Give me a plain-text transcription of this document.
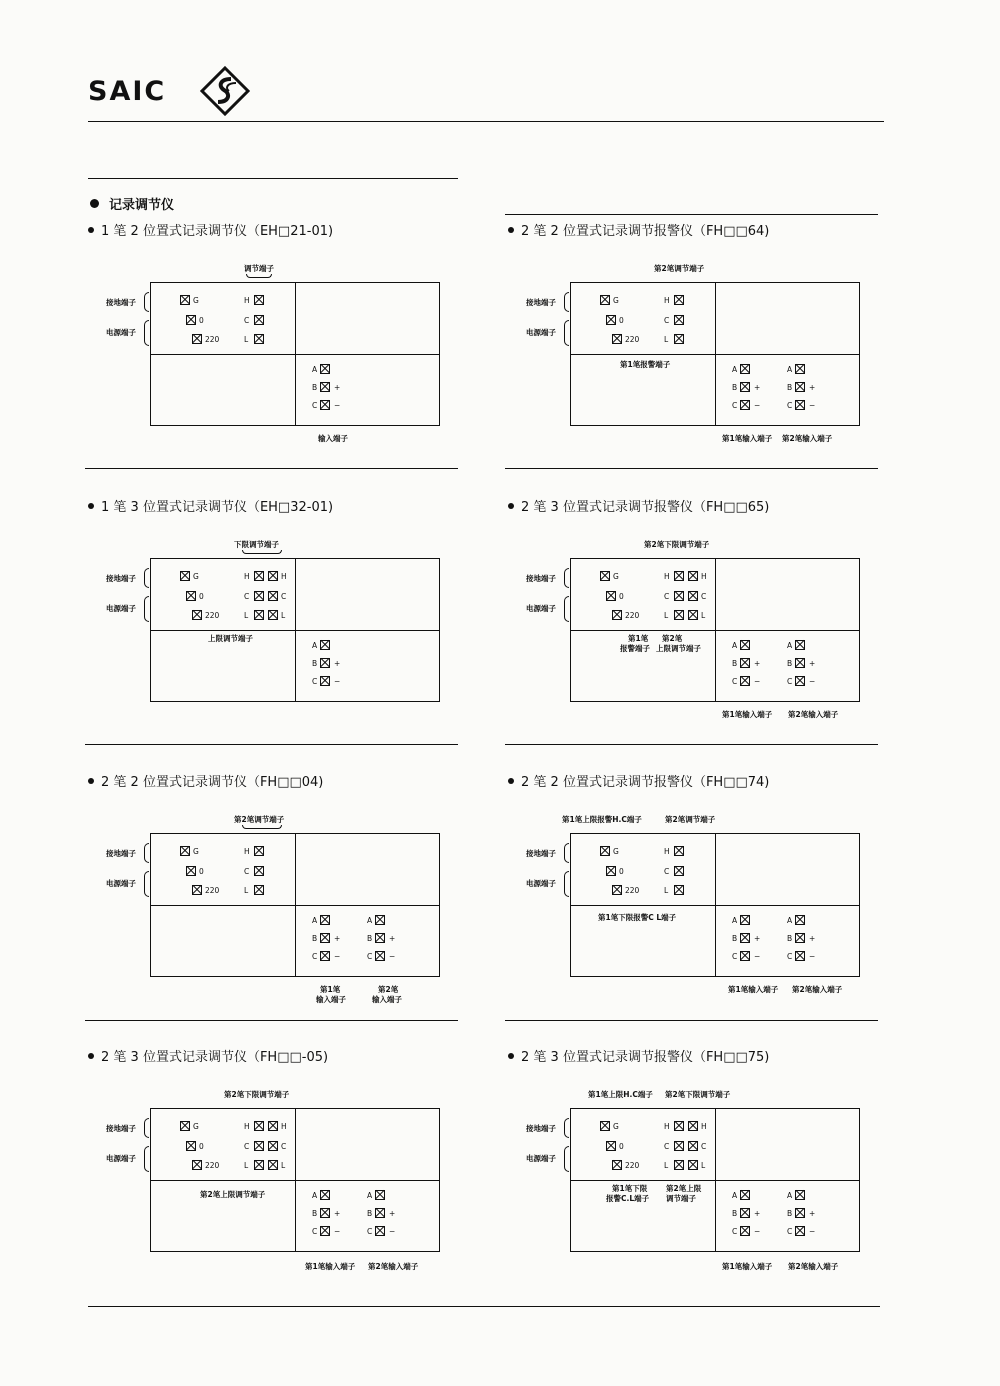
SAIC
记录调节仪
1 笔 2 位置式记录调节仪（EH□21-01)
接地端子
电源端子
G
0
220
H
C
L
A
B +
C −
调节端子
输入端子
2 笔 2 位置式记录调节报警仪（FH□□64)
接地端子
电源端子
G
0
220
H
C
L
A
B +
C −
A
B +
C −
第2笔调节端子
第1笔报警端子
第1笔输入端子 第2笔输入端子
1 笔 3 位置式记录调节仪（EH□32-01)
接地端子
电源端子
G
0
220
H
C
L
H
C
L
A
B +
C −
下限调节端子
上限调节端子
2 笔 3 位置式记录调节报警仪（FH□□65)
接地端子
电源端子
G
0
220
H
C
L
H
C
L
A
B +
C −
A
B +
C −
第2笔下限调节端子
第1笔
报警端子
第2笔
上限调节端子
第1笔输入端子 第2笔输入端子
2 笔 2 位置式记录调节仪（FH□□04)
接地端子
电源端子
G
0
220
H
C
L
A
B +
C −
A
B +
C −
第2笔调节端子
第1笔
输入端子
第2笔
输入端子
2 笔 2 位置式记录调节报警仪（FH□□74)
接地端子
电源端子
G
0
220
H
C
L
A
B +
C −
A
B +
C −
第1笔上限报警H.C端子	第2笔调节端子
第1笔下限报警C L端子
第1笔输入端子 第2笔输入端子
2 笔 3 位置式记录调节仪（FH□□-05)
接地端子
电源端子
G
0
220
H
C
L
H
C
L
A
B +
C −
A
B +
C −
第2笔下限调节端子
第2笔上限调节端子
第1笔输入端子 第2笔输入端子
2 笔 3 位置式记录调节报警仪（FH□□75)
接地端子
电源端子
G
0
220
H
C
L
H
C
L
A
B +
C −
A
B +
C −
第1笔上限H.C端子 第2笔下限调节端子
第1笔下限
报警C.L端子
第2笔上限
调节端子
第1笔输入端子 第2笔输入端子
